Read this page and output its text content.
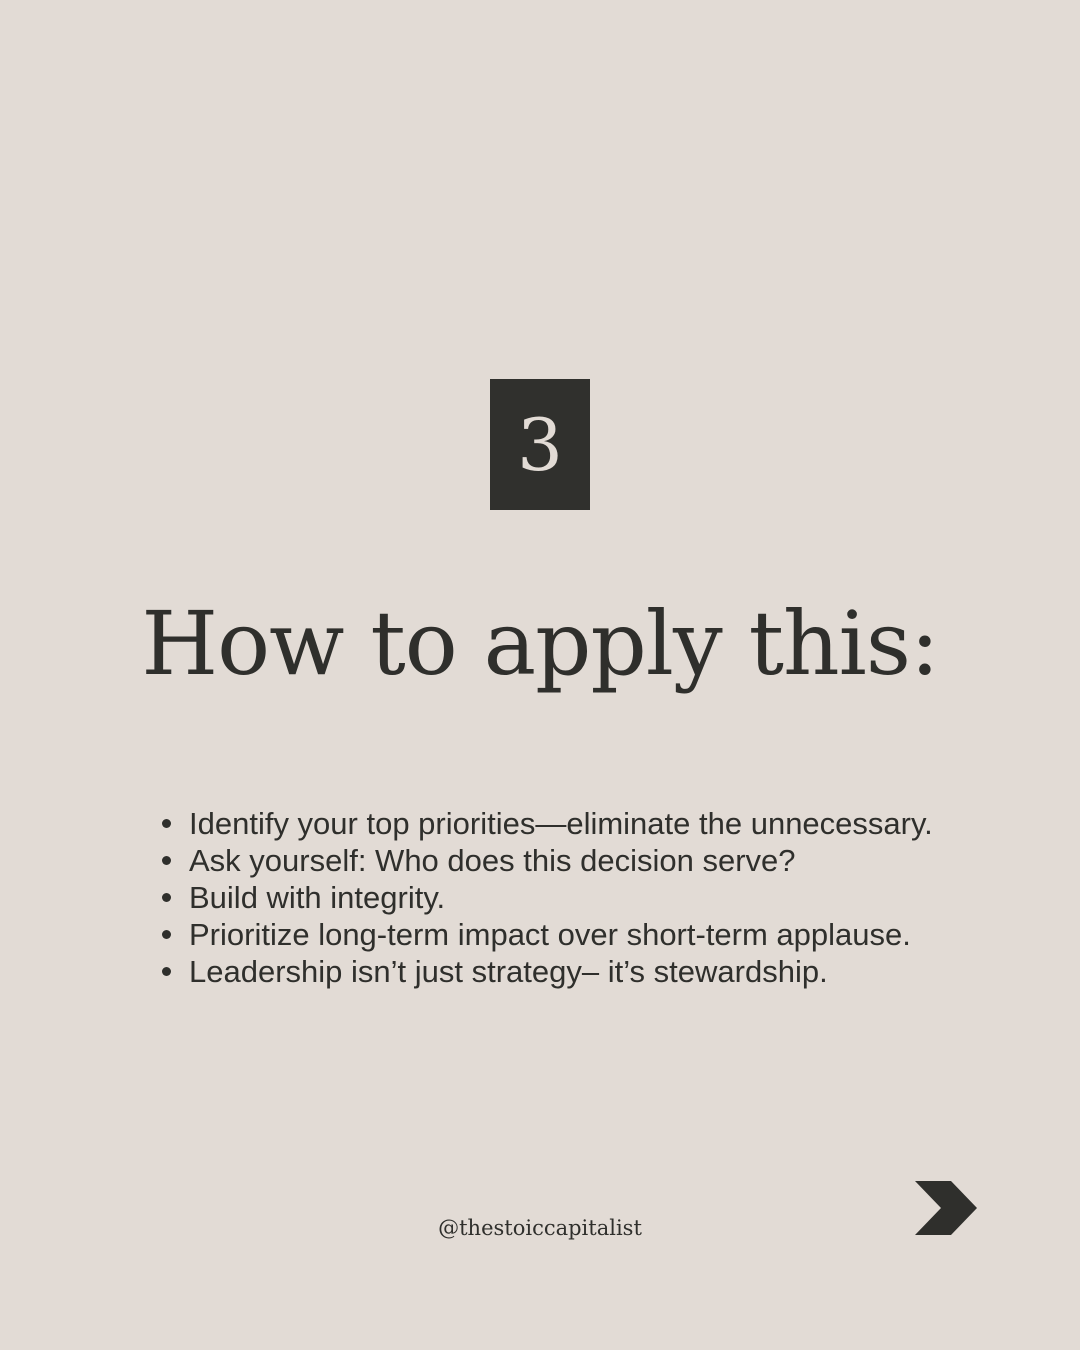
3
How to apply this:
Identify your top priorities—eliminate the unnecessary.
Ask yourself: Who does this decision serve?
Build with integrity.
Prioritize long-term impact over short-term applause.
Leadership isn’t just strategy– it’s stewardship.
@thestoiccapitalist
